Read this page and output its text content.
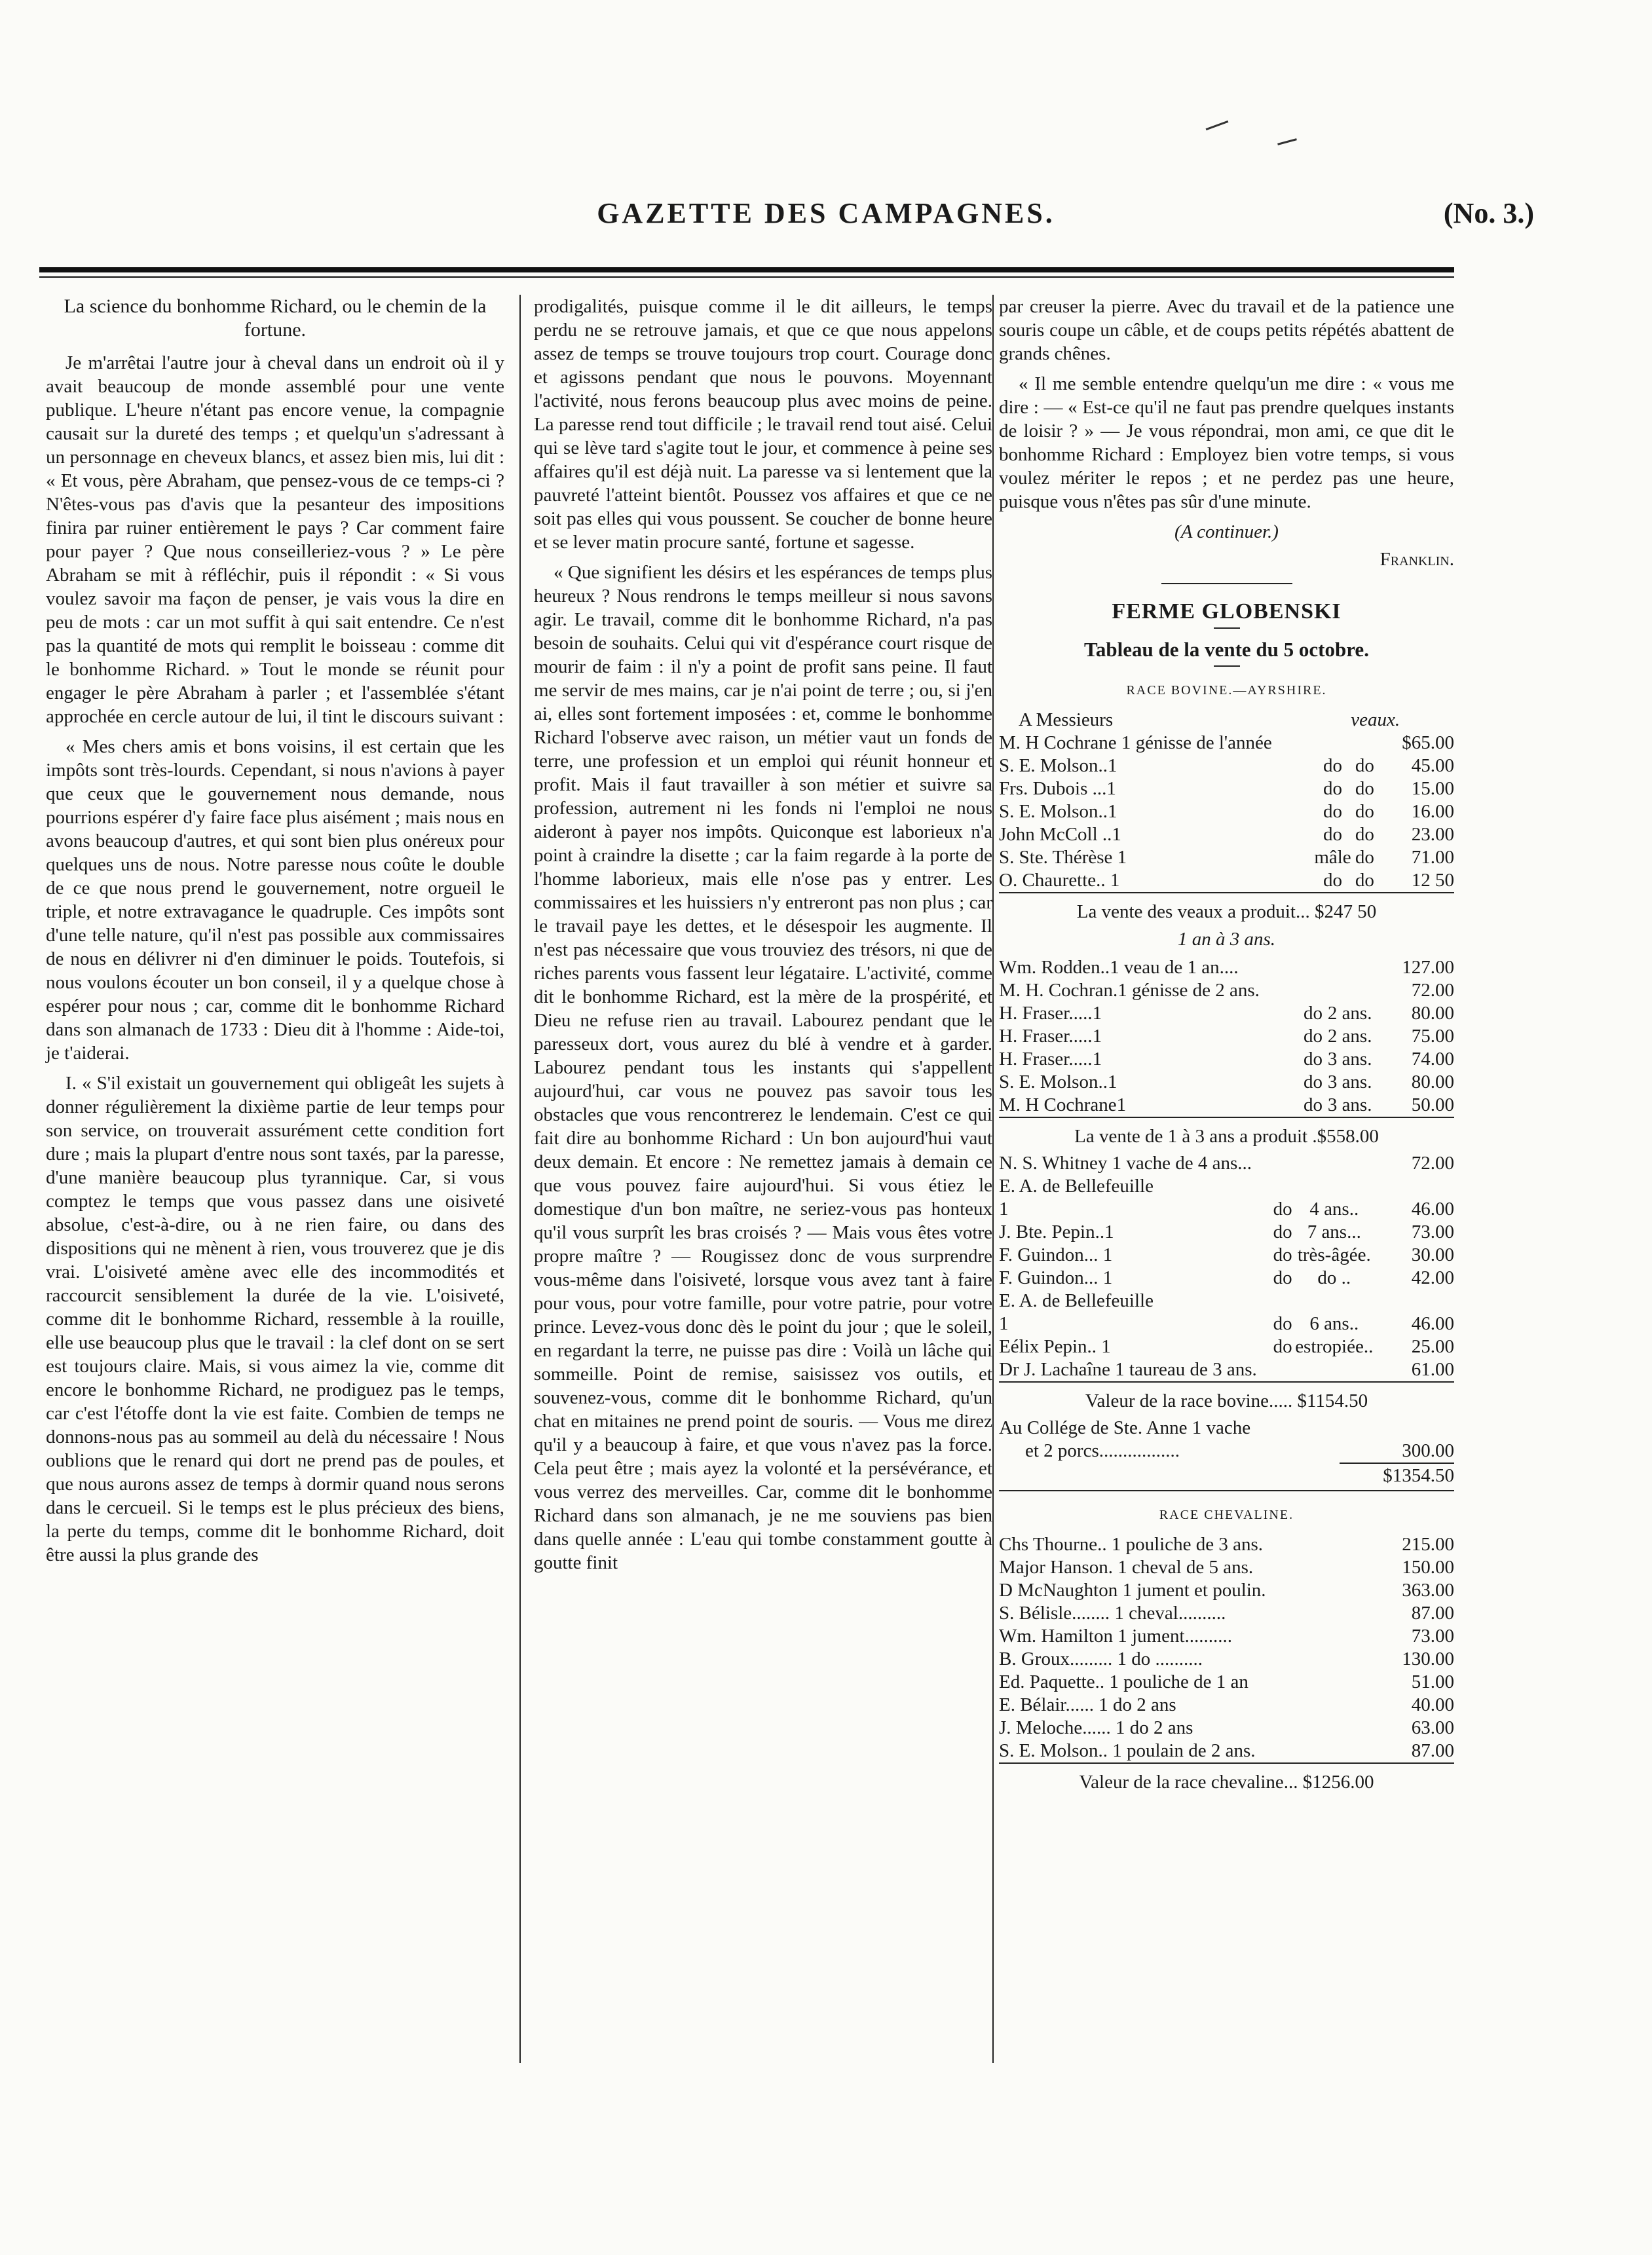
GAZETTE DES CAMPAGNES.	(No. 3.)
La science du bonhomme Richard, ou le chemin de la fortune.

Je m'arrêtai l'autre jour à cheval dans un endroit où il y avait beaucoup de monde assemblé pour une vente publique. L'heure n'étant pas encore venue, la compagnie causait sur la dureté des temps ; et quelqu'un s'adressant à un personnage en cheveux blancs, et assez bien mis, lui dit : « Et vous, père Abraham, que pensez-vous de ce temps-ci ? N'êtes-vous pas d'avis que la pesanteur des impositions finira par ruiner entièrement le pays ? Car comment faire pour payer ? Que nous conseilleriez-vous ? » Le père Abraham se mit à réfléchir, puis il répondit : « Si vous voulez savoir ma façon de penser, je vais vous la dire en peu de mots : car un mot suffit à qui sait entendre. Ce n'est pas la quantité de mots qui remplit le boisseau : comme dit le bonhomme Richard. » Tout le monde se réunit pour engager le père Abraham à parler ; et l'assemblée s'étant approchée en cercle autour de lui, il tint le discours suivant :

« Mes chers amis et bons voisins, il est certain que les impôts sont très-lourds. Cependant, si nous n'avions à payer que ceux que le gouvernement nous demande, nous pourrions espérer d'y faire face plus aisément ; mais nous en avons beaucoup d'autres, et qui sont bien plus onéreux pour quelques uns de nous. Notre paresse nous coûte le double de ce que nous prend le gouvernement, notre orgueil le triple, et notre extravagance le quadruple. Ces impôts sont d'une telle nature, qu'il n'est pas possible aux commissaires de nous en délivrer ni d'en diminuer le poids. Toutefois, si nous voulons écouter un bon conseil, il y a quelque chose à espérer pour nous ; car, comme dit le bonhomme Richard dans son almanach de 1733 : Dieu dit à l'homme : Aide-toi, je t'aiderai.

I. « S'il existait un gouvernement qui obligeât les sujets à donner régulièrement la dixième partie de leur temps pour son service, on trouverait assurément cette condition fort dure ; mais la plupart d'entre nous sont taxés, par la paresse, d'une manière beaucoup plus tyrannique. Car, si vous comptez le temps que vous passez dans une oisiveté absolue, c'est-à-dire, ou à ne rien faire, ou dans des dispositions qui ne mènent à rien, vous trouverez que je dis vrai. L'oisiveté amène avec elle des incommodités et raccourcit sensiblement la durée de la vie. L'oisiveté, comme dit le bonhomme Richard, ressemble à la rouille, elle use beaucoup plus que le travail : la clef dont on se sert est toujours claire. Mais, si vous aimez la vie, comme dit encore le bonhomme Richard, ne prodiguez pas le temps, car c'est l'étoffe dont la vie est faite. Combien de temps ne donnons-nous pas au sommeil au delà du nécessaire ! Nous oublions que le renard qui dort ne prend pas de poules, et que nous aurons assez de temps à dormir quand nous serons dans le cercueil. Si le temps est le plus précieux des biens, la perte du temps, comme dit le bonhomme Richard, doit être aussi la plus grande des

prodigalités, puisque comme il le dit ailleurs, le temps perdu ne se retrouve jamais, et que ce que nous appelons assez de temps se trouve toujours trop court. Courage donc et agissons pendant que nous le pouvons. Moyennant l'activité, nous ferons beaucoup plus avec moins de peine. La paresse rend tout difficile ; le travail rend tout aisé. Celui qui se lève tard s'agite tout le jour, et commence à peine ses affaires qu'il est déjà nuit. La paresse va si lentement que la pauvreté l'atteint bientôt. Poussez vos affaires et que ce ne soit pas elles qui vous poussent. Se coucher de bonne heure et se lever matin procure santé, fortune et sagesse.

« Que signifient les désirs et les espérances de temps plus heureux ? Nous rendrons le temps meilleur si nous savons agir. Le travail, comme dit le bonhomme Richard, n'a pas besoin de souhaits. Celui qui vit d'espérance court risque de mourir de faim : il n'y a point de profit sans peine. Il faut me servir de mes mains, car je n'ai point de terre ; ou, si j'en ai, elles sont fortement imposées : et, comme le bonhomme Richard l'observe avec raison, un métier vaut un fonds de terre, une profession et un emploi qui réunit honneur et profit. Mais il faut travailler à son métier et suivre sa profession, autrement ni les fonds ni l'emploi ne nous aideront à payer nos impôts. Quiconque est laborieux n'a point à craindre la disette ; car la faim regarde à la porte de l'homme laborieux, mais elle n'ose pas y entrer. Les commissaires et les huissiers n'y entreront pas non plus ; car le travail paye les dettes, et le désespoir les augmente. Il n'est pas nécessaire que vous trouviez des trésors, ni que de riches parents vous fassent leur légataire. L'activité, comme dit le bonhomme Richard, est la mère de la prospérité, et Dieu ne refuse rien au travail. Labourez pendant que le paresseux dort, vous aurez du blé à vendre et à garder. Labourez pendant tous les instants qui s'appellent aujourd'hui, car vous ne pouvez pas savoir tous les obstacles que vous rencontrerez le lendemain. C'est ce qui fait dire au bonhomme Richard : Un bon aujourd'hui vaut deux demain. Et encore : Ne remettez jamais à demain ce que vous pouvez faire aujourd'hui. Si vous étiez le domestique d'un bon maître, ne seriez-vous pas honteux qu'il vous surprît les bras croisés ? — Mais vous êtes votre propre maître ? — Rougissez donc de vous surprendre vous-même dans l'oisiveté, lorsque vous avez tant à faire pour vous, pour votre famille, pour votre patrie, pour votre prince. Levez-vous donc dès le point du jour ; que le soleil, en regardant la terre, ne puisse pas dire : Voilà un lâche qui sommeille. Point de remise, saisissez vos outils, et souvenez-vous, comme dit le bonhomme Richard, qu'un chat en mitaines ne prend point de souris. — Vous me direz qu'il y a beaucoup à faire, et que vous n'avez pas la force. Cela peut être ; mais ayez la volonté et la persévérance, et vous verrez des merveilles. Car, comme dit le bonhomme Richard dans son almanach, je ne me souviens pas bien dans quelle année : L'eau qui tombe constamment goutte à goutte finit

par creuser la pierre. Avec du travail et de la patience une souris coupe un câble, et de coups petits répétés abattent de grands chênes.

« Il me semble entendre quelqu'un me dire : « vous me dire : — « Est-ce qu'il ne faut pas prendre quelques instants de loisir ? » — Je vous répondrai, mon ami, ce que dit le bonhomme Richard : Employez bien votre temps, si vous voulez mériter le repos ; et ne perdez pas une heure, puisque vous n'êtes pas sûr d'une minute.

(A continuer.)
Franklin.
FERME GLOBENSKI
Tableau de la vente du 5 octobre.
RACE BOVINE.—AYRSHIRE.
A Messieurs	veaux.		
M. H Cochrane 1 génisse de l'année			$65.00
S. E. Molson..1	do	do	45.00
Frs. Dubois ...1	do	do	15.00
S. E. Molson..1	do	do	16.00
John McColl ..1	do	do	23.00
S. Ste. Thérèse 1	mâle	do	71.00
O. Chaurette.. 1	do	do	12 50
La vente des veaux a produit... $247 50
1 an à 3 ans.
Wm. Rodden..1 veau de 1 an....			127.00
M. H. Cochran.1 génisse de 2 ans.			72.00
H. Fraser.....1	do	2 ans.	80.00
H. Fraser.....1	do	2 ans.	75.00
H. Fraser.....1	do	3 ans.	74.00
S. E. Molson..1	do	3 ans.	80.00
M. H Cochrane1	do	3 ans.	50.00
La vente de 1 à 3 ans a produit .$558.00
N. S. Whitney 1 vache de 4 ans...			72.00
E. A. de Bellefeuille			
1	do	4 ans..	46.00
J. Bte. Pepin..1	do	7 ans...	73.00
F. Guindon... 1	do	très-âgée.	30.00
F. Guindon... 1	do	do ..	42.00
E. A. de Bellefeuille			
1	do	6 ans..	46.00
Eélix Pepin.. 1	do	estropiée..	25.00
Dr J. Lachaîne 1 taureau de 3 ans.			61.00
Valeur de la race bovine..... $1154.50
Au Collége de Ste. Anne 1 vache	
et 2 porcs.................	300.00
$1354.50
RACE CHEVALINE.
Chs Thourne.. 1 pouliche de 3 ans.	215.00
Major Hanson. 1 cheval de 5 ans.	150.00
D McNaughton 1 jument et poulin.	363.00
S. Bélisle........ 1 cheval..........	87.00
Wm. Hamilton 1 jument..........	73.00
B. Groux......... 1 do ..........	130.00
Ed. Paquette.. 1 pouliche de 1 an	51.00
E. Bélair...... 1 do 2 ans	40.00
J. Meloche...... 1 do 2 ans	63.00
S. E. Molson.. 1 poulain de 2 ans.	87.00
Valeur de la race chevaline... $1256.00
